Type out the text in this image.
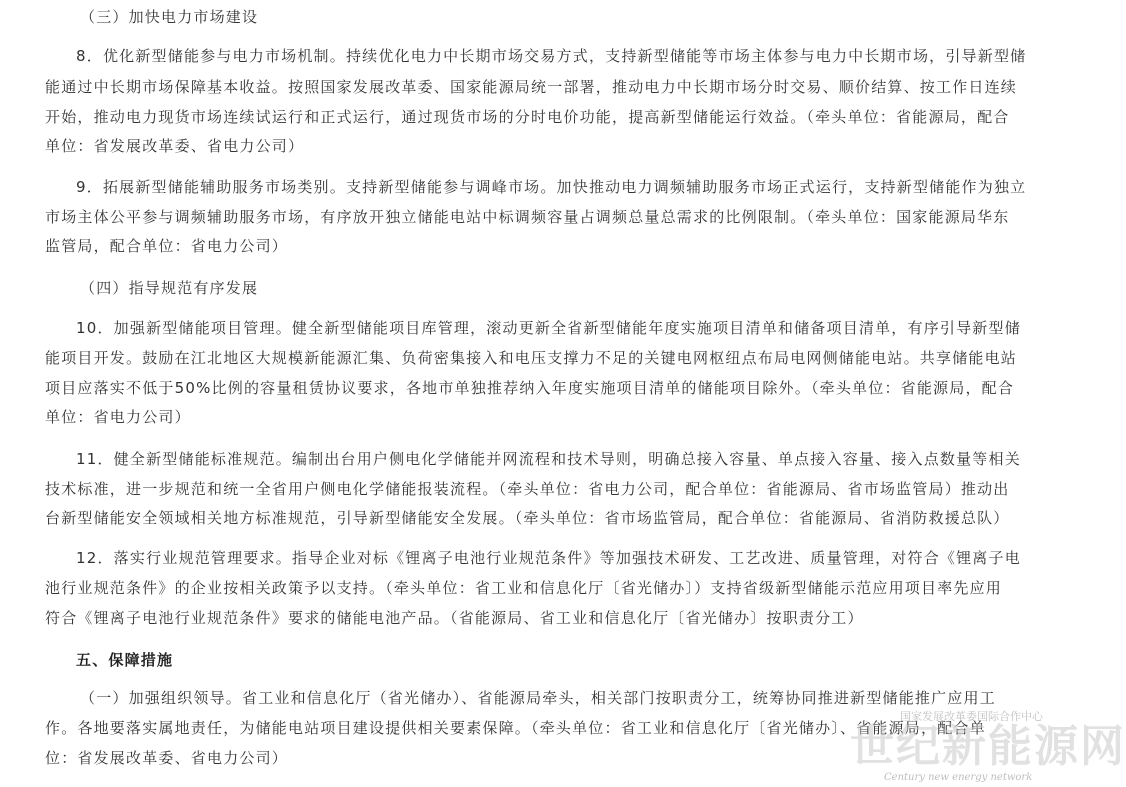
（三）加快电力市场建设
8．优化新型储能参与电力市场机制。持续优化电力中长期市场交易方式，支持新型储能等市场主体参与电力中长期市场，引导新型储
能通过中长期市场保障基本收益。按照国家发展改革委、国家能源局统一部署，推动电力中长期市场分时交易、顺价结算、按工作日连续
开始，推动电力现货市场连续试运行和正式运行，通过现货市场的分时电价功能，提高新型储能运行效益。（牵头单位：省能源局，配合
单位：省发展改革委、省电力公司）
9．拓展新型储能辅助服务市场类别。支持新型储能参与调峰市场。加快推动电力调频辅助服务市场正式运行，支持新型储能作为独立
市场主体公平参与调频辅助服务市场，有序放开独立储能电站中标调频容量占调频总量总需求的比例限制。（牵头单位：国家能源局华东
监管局，配合单位：省电力公司）
（四）指导规范有序发展
10．加强新型储能项目管理。健全新型储能项目库管理，滚动更新全省新型储能年度实施项目清单和储备项目清单，有序引导新型储
能项目开发。鼓励在江北地区大规模新能源汇集、负荷密集接入和电压支撑力不足的关键电网枢纽点布局电网侧储能电站。共享储能电站
项目应落实不低于50%比例的容量租赁协议要求，各地市单独推荐纳入年度实施项目清单的储能项目除外。（牵头单位：省能源局，配合
单位：省电力公司）
11．健全新型储能标准规范。编制出台用户侧电化学储能并网流程和技术导则，明确总接入容量、单点接入容量、接入点数量等相关
技术标准，进一步规范和统一全省用户侧电化学储能报装流程。（牵头单位：省电力公司，配合单位：省能源局、省市场监管局）推动出
台新型储能安全领域相关地方标准规范，引导新型储能安全发展。（牵头单位：省市场监管局，配合单位：省能源局、省消防救援总队）
12．落实行业规范管理要求。指导企业对标《锂离子电池行业规范条件》等加强技术研发、工艺改进、质量管理，对符合《锂离子电
池行业规范条件》的企业按相关政策予以支持。（牵头单位：省工业和信息化厅〔省光储办〕）支持省级新型储能示范应用项目率先应用
符合《锂离子电池行业规范条件》要求的储能电池产品。（省能源局、省工业和信息化厅〔省光储办〕按职责分工）
五、保障措施
（一）加强组织领导。省工业和信息化厅（省光储办）、省能源局牵头，相关部门按职责分工，统筹协同推进新型储能推广应用工
作。各地要落实属地责任，为储能电站项目建设提供相关要素保障。（牵头单位：省工业和信息化厅〔省光储办〕、省能源局，配合单
位：省发展改革委、省电力公司）
国家发展改革委国际合作中心
世纪新能源网
Century new energy network
